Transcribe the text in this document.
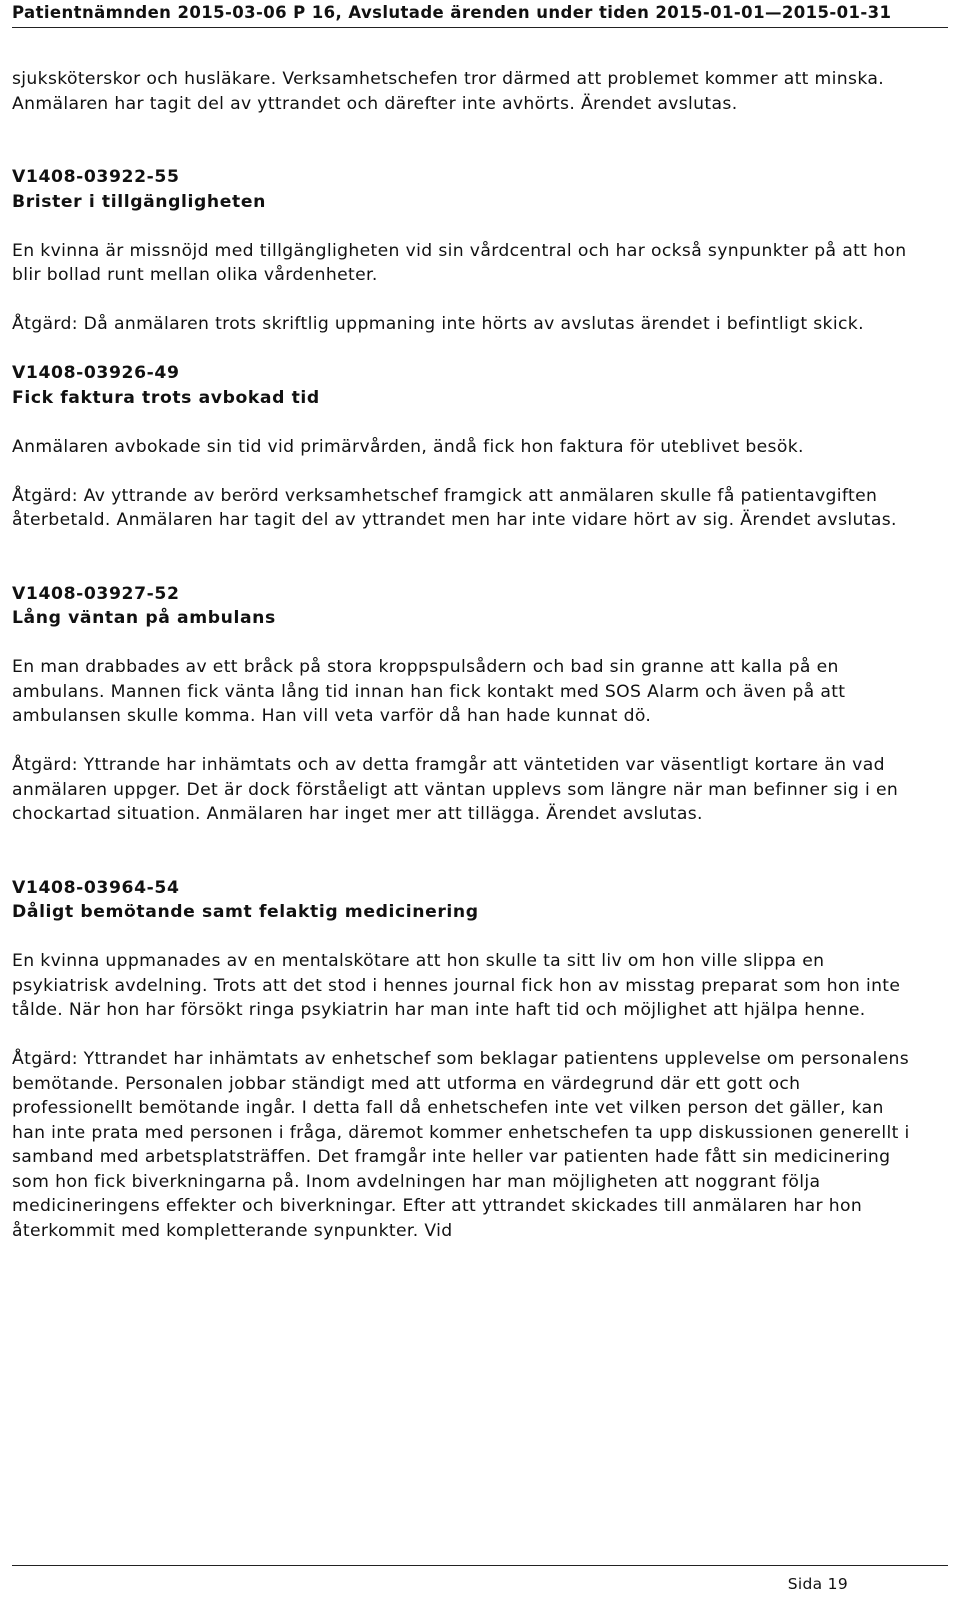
Patientnämnden 2015-03-06 P 16, Avslutade ärenden under tiden 2015-01-01—2015-01-31

sjuksköterskor och husläkare. Verksamhetschefen tror därmed att problemet kommer att minska. Anmälaren har tagit del av yttrandet och därefter inte avhörts. Ärendet avslutas.

V1408-03922-55
Brister i tillgängligheten

En kvinna är missnöjd med tillgängligheten vid sin vårdcentral och har också synpunkter på att hon blir bollad runt mellan olika vårdenheter.

Åtgärd: Då anmälaren trots skriftlig uppmaning inte hörts av avslutas ärendet i befintligt skick.

V1408-03926-49
Fick faktura trots avbokad tid

Anmälaren avbokade sin tid vid primärvården, ändå fick hon faktura för uteblivet besök.

Åtgärd: Av yttrande av berörd verksamhetschef framgick att anmälaren skulle få patientavgiften återbetald. Anmälaren har tagit del av yttrandet men har inte vidare hört av sig. Ärendet avslutas.

V1408-03927-52
Lång väntan på ambulans

En man drabbades av ett bråck på stora kroppspulsådern och bad sin granne att kalla på en ambulans. Mannen fick vänta lång tid innan han fick kontakt med SOS Alarm och även på att ambulansen skulle komma. Han vill veta varför då han hade kunnat dö.

Åtgärd: Yttrande har inhämtats och av detta framgår att väntetiden var väsentligt kortare än vad anmälaren uppger. Det är dock förståeligt att väntan upplevs som längre när man befinner sig i en chockartad situation. Anmälaren har inget mer att tillägga. Ärendet avslutas.

V1408-03964-54
Dåligt bemötande samt felaktig medicinering

En kvinna uppmanades av en mentalskötare att hon skulle ta sitt liv om hon ville slippa en psykiatrisk avdelning. Trots att det stod i hennes journal fick hon av misstag preparat som hon inte tålde. När hon har försökt ringa psykiatrin har man inte haft tid och möjlighet att hjälpa henne.

Åtgärd: Yttrandet har inhämtats av enhetschef som beklagar patientens upplevelse om personalens bemötande. Personalen jobbar ständigt med att utforma en värdegrund där ett gott och professionellt bemötande ingår. I detta fall då enhetschefen inte vet vilken person det gäller, kan han inte prata med personen i fråga, däremot kommer enhetschefen ta upp diskussionen generellt i samband med arbetsplatsträffen. Det framgår inte heller var patienten hade fått sin medicinering som hon fick biverkningarna på. Inom avdelningen har man möjligheten att noggrant följa medicineringens effekter och biverkningar. Efter att yttrandet skickades till anmälaren har hon återkommit med kompletterande synpunkter. Vid

Sida 19
